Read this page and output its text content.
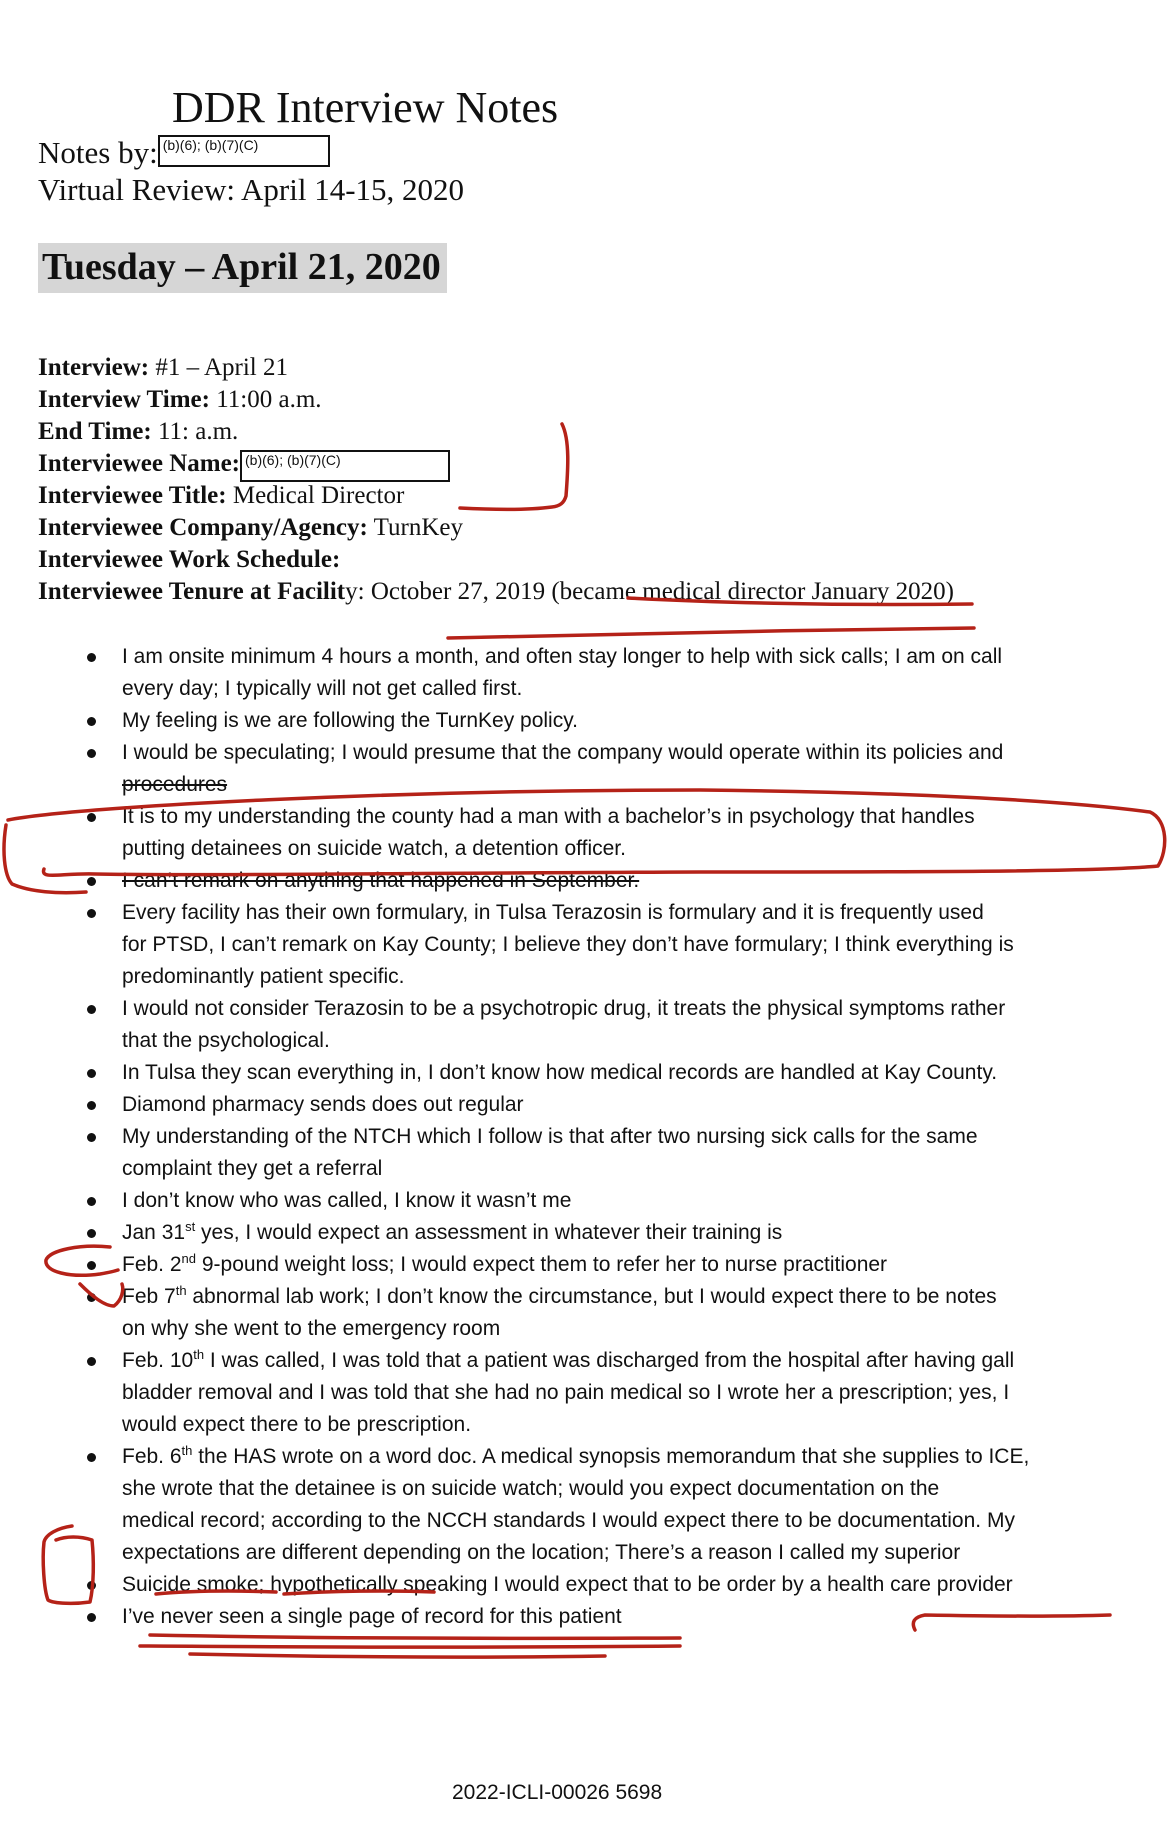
DDR Interview Notes
Notes by: (b)(6); (b)(7)(C)
Virtual Review: April 14-15, 2020
Tuesday – April 21, 2020
Interview: #1 – April 21
Interview Time: 11:00 a.m.
End Time: 11: a.m.
Interviewee Name: (b)(6); (b)(7)(C)
Interviewee Title: Medical Director
Interviewee Company/Agency: TurnKey
Interviewee Work Schedule:
Interviewee Tenure at Facility: October 27, 2019 (became medical director January 2020)
I am onsite minimum 4 hours a month, and often stay longer to help with sick calls; I am on call
every day; I typically will not get called first.
My feeling is we are following the TurnKey policy.
I would be speculating; I would presume that the company would operate within its policies and
procedures
It is to my understanding the county had a man with a bachelor’s in psychology that handles
putting detainees on suicide watch, a detention officer.
I can’t remark on anything that happened in September.
Every facility has their own formulary, in Tulsa Terazosin is formulary and it is frequently used
for PTSD, I can’t remark on Kay County; I believe they don’t have formulary; I think everything is
predominantly patient specific.
I would not consider Terazosin to be a psychotropic drug, it treats the physical symptoms rather
that the psychological.
In Tulsa they scan everything in, I don’t know how medical records are handled at Kay County.
Diamond pharmacy sends does out regular
My understanding of the NTCH which I follow is that after two nursing sick calls for the same
complaint they get a referral
I don’t know who was called, I know it wasn’t me
Jan 31st yes, I would expect an assessment in whatever their training is
Feb. 2nd 9-pound weight loss; I would expect them to refer her to nurse practitioner
Feb 7th abnormal lab work; I don’t know the circumstance, but I would expect there to be notes
on why she went to the emergency room
Feb. 10th I was called, I was told that a patient was discharged from the hospital after having gall
bladder removal and I was told that she had no pain medical so I wrote her a prescription; yes, I
would expect there to be prescription.
Feb. 6th the HAS wrote on a word doc. A medical synopsis memorandum that she supplies to ICE,
she wrote that the detainee is on suicide watch; would you expect documentation on the
medical record; according to the NCCH standards I would expect there to be documentation. My
expectations are different depending on the location; There’s a reason I called my superior
Suicide smoke; hypothetically speaking I would expect that to be order by a health care provider
I’ve never seen a single page of record for this patient
2022-ICLI-00026 5698
